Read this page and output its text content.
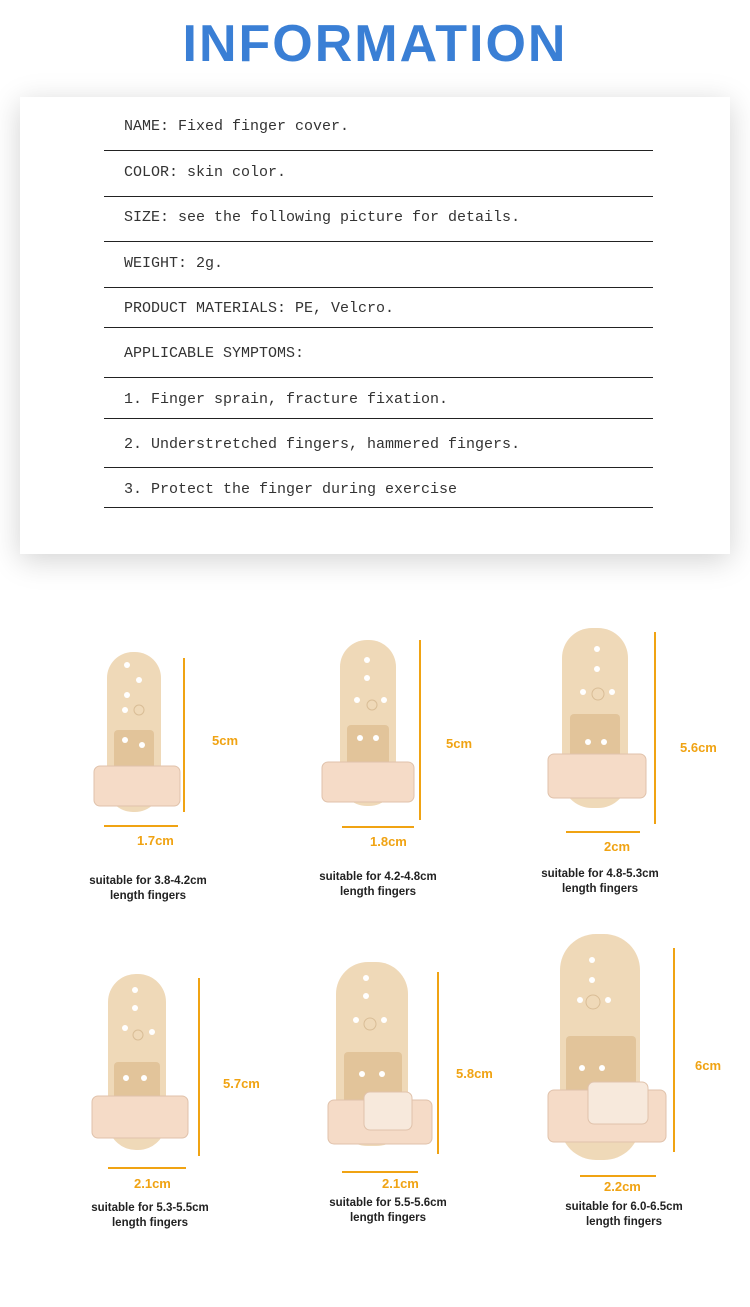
INFORMATION
NAME: Fixed finger cover.
COLOR: skin color.
SIZE: see the following picture for details.
WEIGHT: 2g.
PRODUCT MATERIALS: PE, Velcro.
APPLICABLE SYMPTOMS:
1. Finger sprain, fracture fixation.
2. Understretched fingers, hammered fingers.
3. Protect the finger during exercise
5cm
1.7cm
suitable for 3.8-4.2cm
length fingers
5cm
1.8cm
suitable for 4.2-4.8cm
length fingers
5.6cm
2cm
suitable for 4.8-5.3cm
length fingers
5.7cm
2.1cm
suitable for 5.3-5.5cm
length fingers
5.8cm
2.1cm
suitable for 5.5-5.6cm
length fingers
6cm
2.2cm
suitable for 6.0-6.5cm
length fingers
